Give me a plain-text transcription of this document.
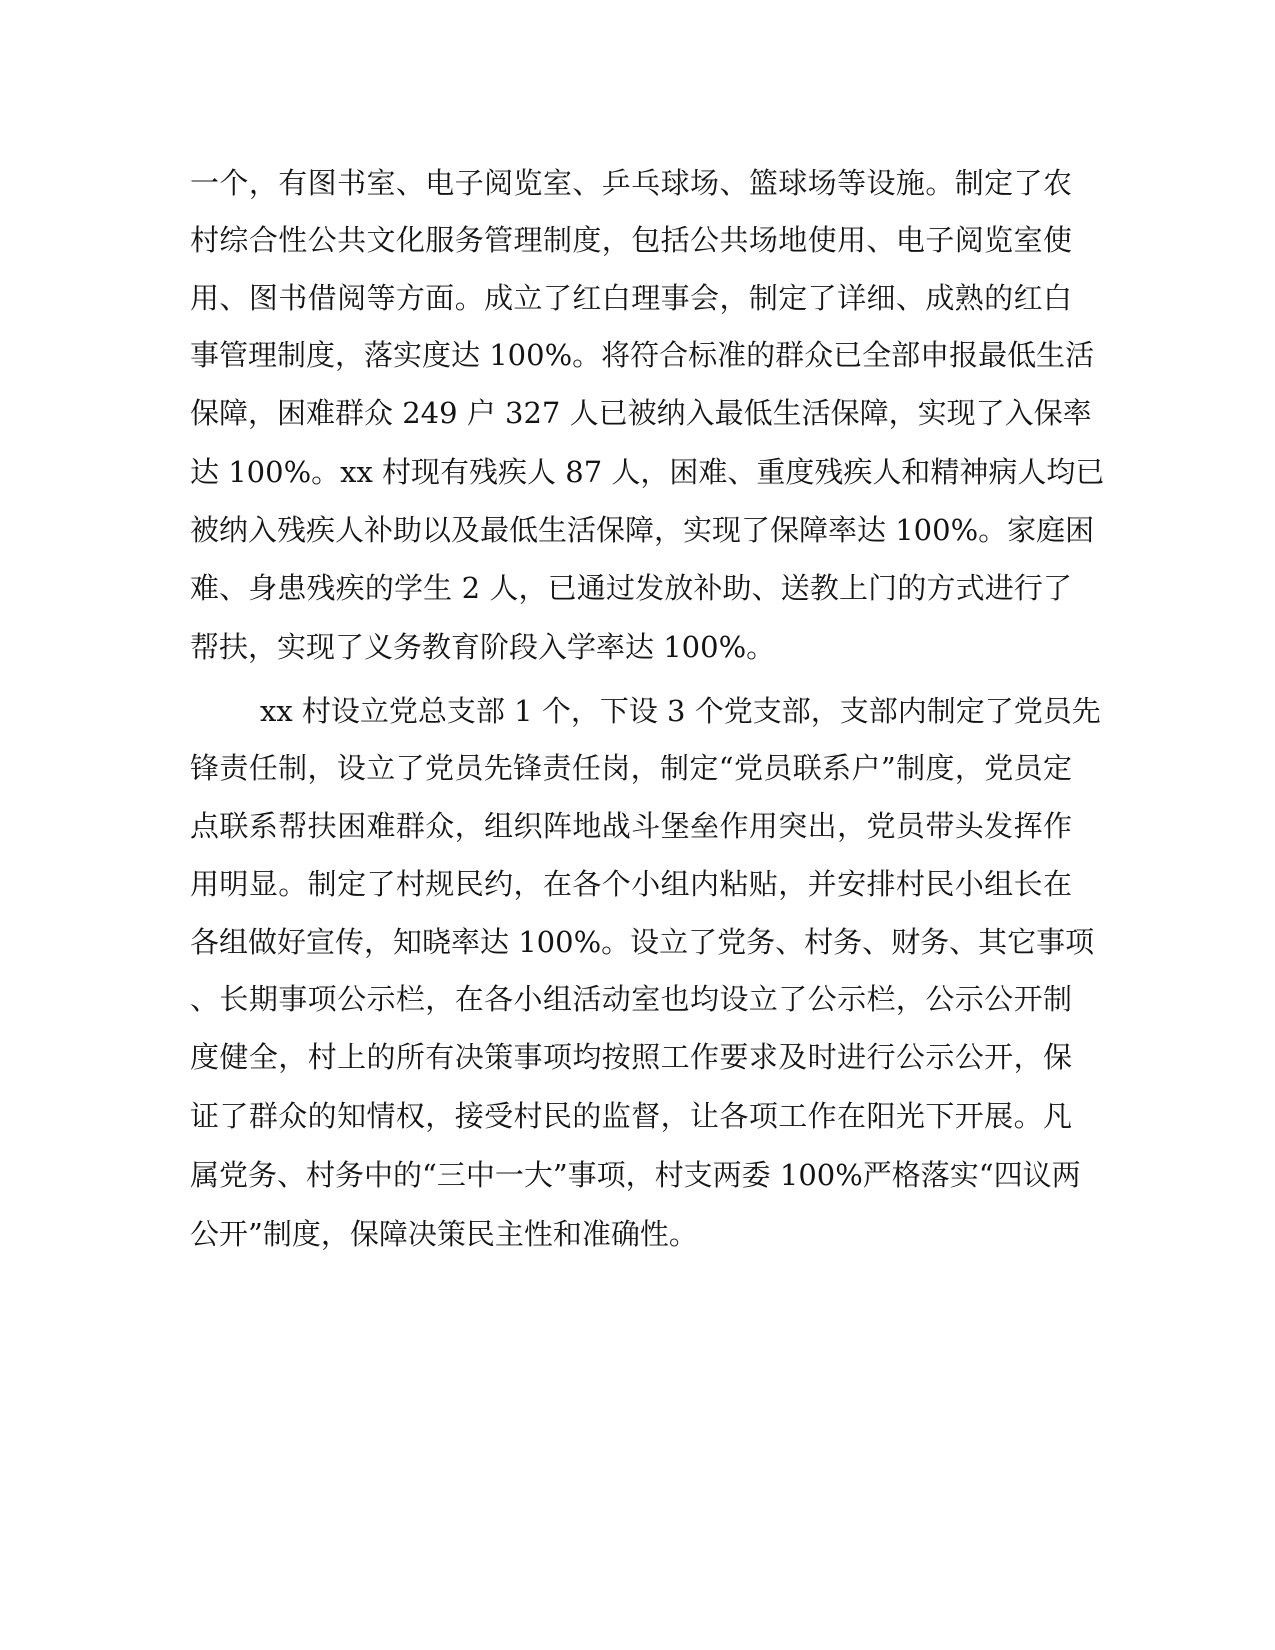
一个，有图书室、电子阅览室、乒乓球场、篮球场等设施。制定了农

村综合性公共文化服务管理制度，包括公共场地使用、电子阅览室使

用、图书借阅等方面。成立了红白理事会，制定了详细、成熟的红白

事管理制度，落实度达 100%。将符合标准的群众已全部申报最低生活

保障，困难群众 249 户 327 人已被纳入最低生活保障，实现了入保率

达 100%。xx 村现有残疾人 87 人，困难、重度残疾人和精神病人均已

被纳入残疾人补助以及最低生活保障，实现了保障率达 100%。家庭困

难、身患残疾的学生 2 人，已通过发放补助、送教上门的方式进行了

帮扶，实现了义务教育阶段入学率达 100%。

xx 村设立党总支部 1 个，下设 3 个党支部，支部内制定了党员先

锋责任制，设立了党员先锋责任岗，制定“党员联系户”制度，党员定

点联系帮扶困难群众，组织阵地战斗堡垒作用突出，党员带头发挥作

用明显。制定了村规民约，在各个小组内粘贴，并安排村民小组长在

各组做好宣传，知晓率达 100%。设立了党务、村务、财务、其它事项

、长期事项公示栏，在各小组活动室也均设立了公示栏，公示公开制

度健全，村上的所有决策事项均按照工作要求及时进行公示公开，保

证了群众的知情权，接受村民的监督，让各项工作在阳光下开展。凡

属党务、村务中的“三中一大”事项，村支两委 100%严格落实“四议两

公开”制度，保障决策民主性和准确性。
